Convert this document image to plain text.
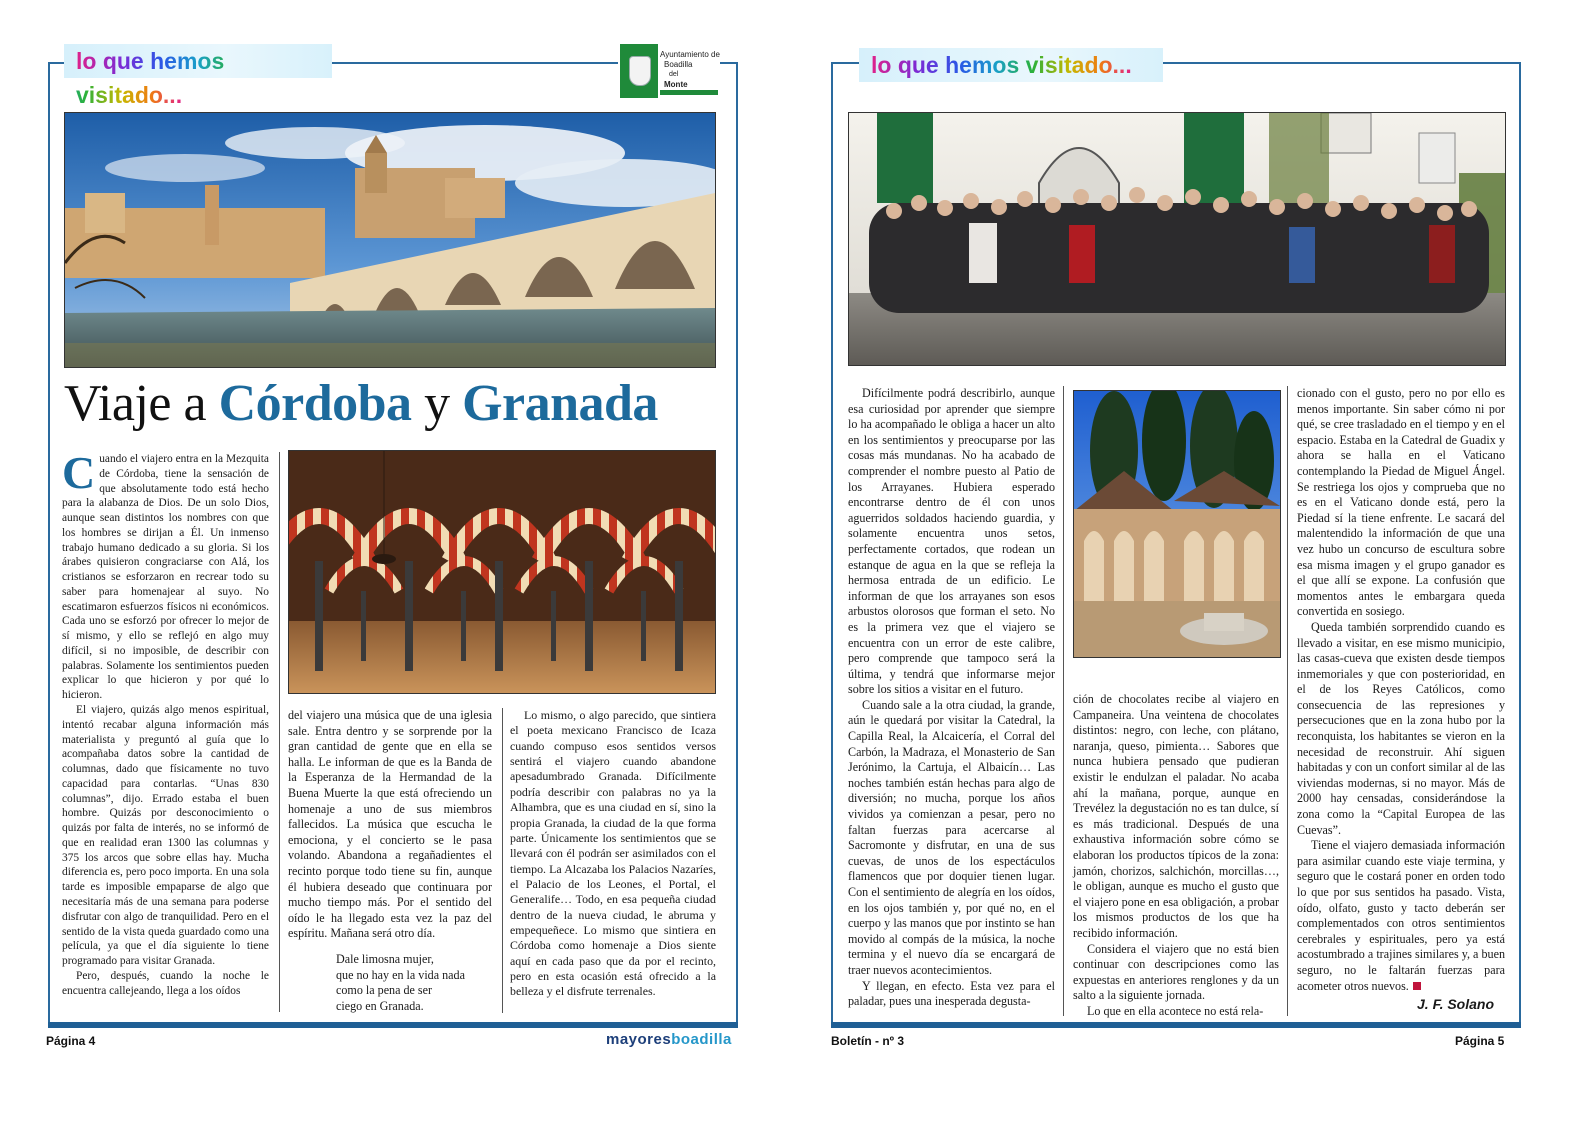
lo que hemos visitado...
Ayuntamiento de
Boadilla
del
Monte
Viaje a Córdoba y Granada

Cuando el viajero entra en la Mezquita de Córdoba, tiene la sensación de que absolutamente todo está hecho para la alabanza de Dios. De un solo Dios, aunque sean distintos los nombres con que los hombres se dirijan a Él. Un inmenso trabajo humano dedicado a su gloria. Si los árabes quisieron congraciarse con Alá, los cristianos se esforzaron en recrear todo su saber para homenajear al suyo. No escatimaron esfuerzos físicos ni económicos. Cada uno se esforzó por ofrecer lo mejor de sí mismo, y ello se reflejó en algo muy difícil, si no imposible, de describir con palabras. Solamente los sentimientos pueden explicar lo que hicieron y por qué lo hicieron.

El viajero, quizás algo menos espiritual, intentó recabar alguna información más materialista y preguntó al guía que lo acompañaba datos sobre la cantidad de columnas, dado que físicamente no tuvo capacidad para contarlas. “Unas 830 columnas”, dijo. Errado estaba el buen hombre. Quizás por desconocimiento o quizás por falta de interés, no se informó de que en realidad eran 1300 las columnas y 375 los arcos que sobre ellas hay. Mucha diferencia es, pero poco importa. En una sola tarde es imposible empaparse de algo que necesitaría más de una semana para poderse disfrutar con algo de tranquilidad. Pero en el sentido de la vista queda guardado como una película, ya que el día siguiente lo tiene programado para visitar Granada.

Pero, después, cuando la noche le encuentra callejeando, llega a los oídos

del viajero una música que de una iglesia sale. Entra dentro y se sorprende por la gran cantidad de gente que en ella se halla. Le informan de que es la Banda de la Esperanza de la Hermandad de la Buena Muerte la que está ofreciendo un homenaje a uno de sus miembros fallecidos. La música que escucha le emociona, y el concierto se le pasa volando. Abandona a regañadientes el recinto porque todo tiene su fin, aunque él hubiera deseado que continuara por mucho tiempo más. Por el sentido del oído le ha llegado esta vez la paz del espíritu. Mañana será otro día.

Dale limosna mujer,
que no hay en la vida nada
como la pena de ser
ciego en Granada.

Lo mismo, o algo parecido, que sintiera el poeta mexicano Francisco de Icaza cuando compuso esos sentidos versos sentirá el viajero cuando abandone apesadumbrado Granada. Difícilmente podría describir con palabras no ya la Alhambra, que es una ciudad en sí, sino la propia Granada, la ciudad de la que forma parte. Únicamente los sentimientos que se llevará con él podrán ser asimilados con el tiempo. La Alcazaba los Palacios Nazaríes, el Palacio de los Leones, el Portal, el Generalife… Todo, en esa pequeña ciudad dentro de la nueva ciudad, le abruma y empequeñece. Lo mismo que sintiera en Córdoba como homenaje a Dios siente aquí en cada paso que da por el recinto, pero en esta ocasión está ofrecido a la belleza y el disfrute terrenales.

Página 4	mayoresboadilla
lo que hemos visitado...

Difícilmente podrá describirlo, aunque esa curiosidad por aprender que siempre lo ha acompañado le obliga a hacer un alto en los sentimientos y preocuparse por las cosas más mundanas. No ha acabado de comprender el nombre puesto al Patio de los Arrayanes. Hubiera esperado encontrarse dentro de él con unos aguerridos soldados haciendo guardia, y solamente encuentra unos setos, perfectamente cortados, que rodean un estanque de agua en la que se refleja la hermosa entrada de un edificio. Le informan de que los arrayanes son esos arbustos olorosos que forman el seto. No es la primera vez que el viajero se encuentra con un error de este calibre, pero comprende que tampoco será la última, y tendrá que informarse mejor sobre los sitios a visitar en el futuro.

Cuando sale a la otra ciudad, la grande, aún le quedará por visitar la Catedral, la Capilla Real, la Alcaicería, el Corral del Carbón, la Madraza, el Monasterio de San Jerónimo, la Cartuja, el Albaicín… Las noches también están hechas para algo de diversión; no mucha, porque los años vividos ya comienzan a pesar, pero no faltan fuerzas para acercarse al Sacromonte y disfrutar, en una de sus cuevas, de unos de los espectáculos flamencos que por doquier tienen lugar. Con el sentimiento de alegría en los oídos, en los ojos también y, por qué no, en el cuerpo y las manos que por instinto se han movido al compás de la música, la noche termina y el nuevo día se encargará de traer nuevos acontecimientos.

Y llegan, en efecto. Esta vez para el paladar, pues una inesperada degusta-

ción de chocolates recibe al viajero en Campaneira. Una veintena de chocolates distintos: negro, con leche, con plátano, naranja, queso, pimienta… Sabores que nunca hubiera pensado que pudieran existir le endulzan el paladar. No acaba ahí la mañana, porque, aunque en Trevélez la degustación no es tan dulce, sí es más tradicional. Después de una exhaustiva información sobre cómo se elaboran los productos típicos de la zona: jamón, chorizos, salchichón, morcillas…, le obligan, aunque es mucho el gusto que el viajero pone en esa obligación, a probar los mismos productos de los que ha recibido información.

Considera el viajero que no está bien continuar con descripciones como las expuestas en anteriores renglones y da un salto a la siguiente jornada.

Lo que en ella acontece no está rela-

cionado con el gusto, pero no por ello es menos importante. Sin saber cómo ni por qué, se cree trasladado en el tiempo y en el espacio. Estaba en la Catedral de Guadix y ahora se halla en el Vaticano contemplando la Piedad de Miguel Ángel. Se restriega los ojos y comprueba que no es en el Vaticano donde está, pero la Piedad sí la tiene enfrente. Le sacará del malentendido la información de que una vez hubo un concurso de escultura sobre esa misma imagen y el grupo ganador es el que allí se expone. La confusión que momentos antes le embargara queda convertida en sosiego.

Queda también sorprendido cuando es llevado a visitar, en ese mismo municipio, las casas-cueva que existen desde tiempos inmemoriales y que con posterioridad, en el de los Reyes Católicos, como consecuencia de las represiones y persecuciones que en la zona hubo por la reconquista, los habitantes se vieron en la necesidad de reconstruir. Ahí siguen habitadas y con un confort similar al de las viviendas modernas, si no mayor. Más de 2000 hay censadas, considerándose la zona como la “Capital Europea de las Cuevas”.

Tiene el viajero demasiada información para asimilar cuando este viaje termina, y seguro que le costará poner en orden todo lo que por sus sentidos ha pasado. Vista, oído, olfato, gusto y tacto deberán ser complementados con otros sentimientos cerebrales y espirituales, pero ya está acostumbrado a trajines similares y, a buen seguro, no le faltarán fuerzas para acometer otros nuevos.

J. F. Solano
Boletín - nº 3	Página 5
